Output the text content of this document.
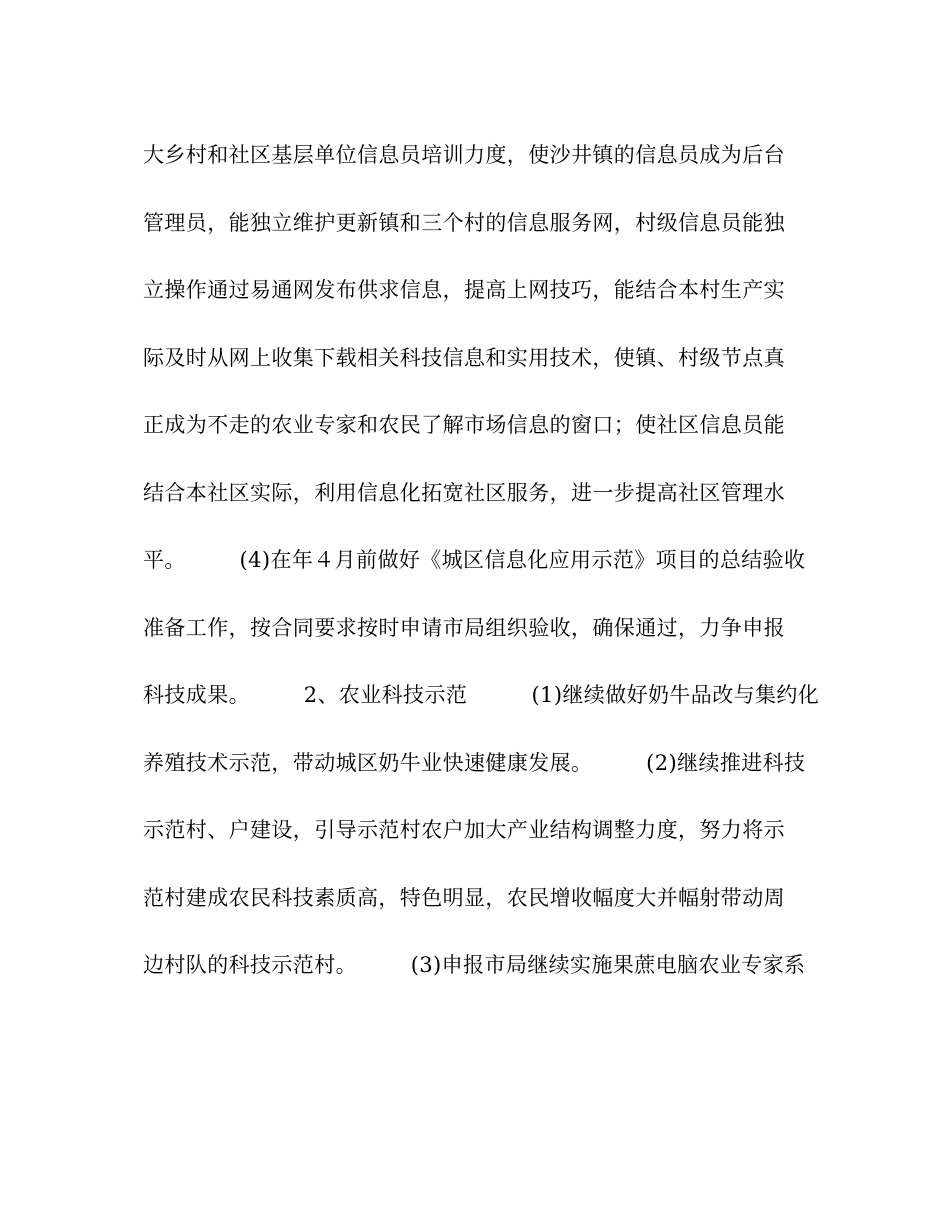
大乡村和社区基层单位信息员培训力度，使沙井镇的信息员成为后台
管理员，能独立维护更新镇和三个村的信息服务网，村级信息员能独
立操作通过易通网发布供求信息，提高上网技巧，能结合本村生产实
际及时从网上收集下载相关科技信息和实用技术，使镇、村级节点真
正成为不走的农业专家和农民了解市场信息的窗口；使社区信息员能
结合本社区实际，利用信息化拓宽社区服务，进一步提高社区管理水
平。　　　(4)在年４月前做好《城区信息化应用示范》项目的总结验收
准备工作，按合同要求按时申请市局组织验收，确保通过，力争申报
科技成果。　　　2、农业科技示范　　　(1)继续做好奶牛品改与集约化
养殖技术示范，带动城区奶牛业快速健康发展。　　　(2)继续推进科技
示范村、户建设，引导示范村农户加大产业结构调整力度，努力将示
范村建成农民科技素质高，特色明显，农民增收幅度大并幅射带动周
边村队的科技示范村。　　　(3)申报市局继续实施果蔗电脑农业专家系
